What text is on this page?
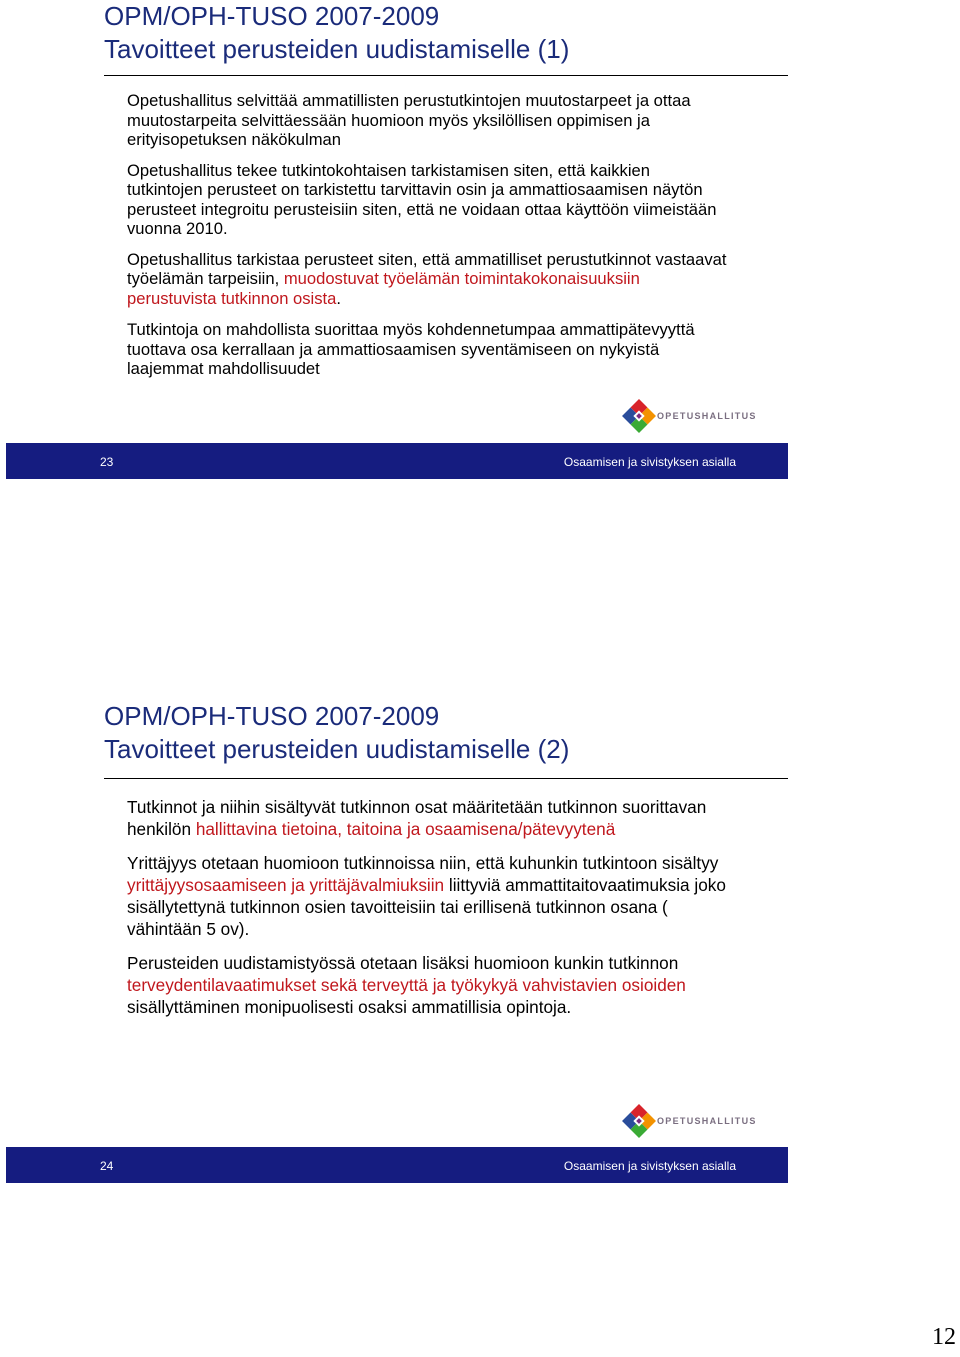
OPM/OPH-TUSO 2007-2009
Tavoitteet perusteiden uudistamiselle (1)

Opetushallitus selvittää ammatillisten perustutkintojen muutostarpeet ja ottaa muutostarpeita selvittäessään huomioon myös yksilöllisen oppimisen ja erityisopetuksen näkökulman

Opetushallitus tekee tutkintokohtaisen tarkistamisen siten, että kaikkien tutkintojen perusteet on tarkistettu tarvittavin osin ja ammattiosaamisen näytön perusteet integroitu perusteisiin siten, että ne voidaan ottaa käyttöön viimeistään vuonna 2010.

Opetushallitus tarkistaa perusteet siten, että ammatilliset perustutkinnot vastaavat työelämän tarpeisiin, muodostuvat työelämän toimintakokonaisuuksiin perustuvista tutkinnon osista.

Tutkintoja on mahdollista suorittaa myös kohdennetumpaa ammattipätevyyttä tuottava osa kerrallaan ja ammattiosaamisen syventämiseen on nykyistä laajemmat mahdollisuudet

OPETUSHALLITUS
23	Osaamisen ja sivistyksen asialla
OPM/OPH-TUSO 2007-2009
Tavoitteet perusteiden uudistamiselle (2)

Tutkinnot ja niihin sisältyvät tutkinnon osat määritetään tutkinnon suorittavan henkilön hallittavina tietoina, taitoina ja osaamisena/pätevyytenä

Yrittäjyys otetaan huomioon tutkinnoissa niin, että kuhunkin tutkintoon sisältyy yrittäjyysosaamiseen ja yrittäjävalmiuksiin liittyviä ammattitaitovaatimuksia joko sisällytettynä tutkinnon osien tavoitteisiin tai erillisenä tutkinnon osana ( vähintään 5 ov).

Perusteiden uudistamistyössä otetaan lisäksi huomioon kunkin tutkinnon terveydentilavaatimukset sekä terveyttä ja työkykyä vahvistavien osioiden sisällyttäminen monipuolisesti osaksi ammatillisia opintoja.

OPETUSHALLITUS
24	Osaamisen ja sivistyksen asialla
12
